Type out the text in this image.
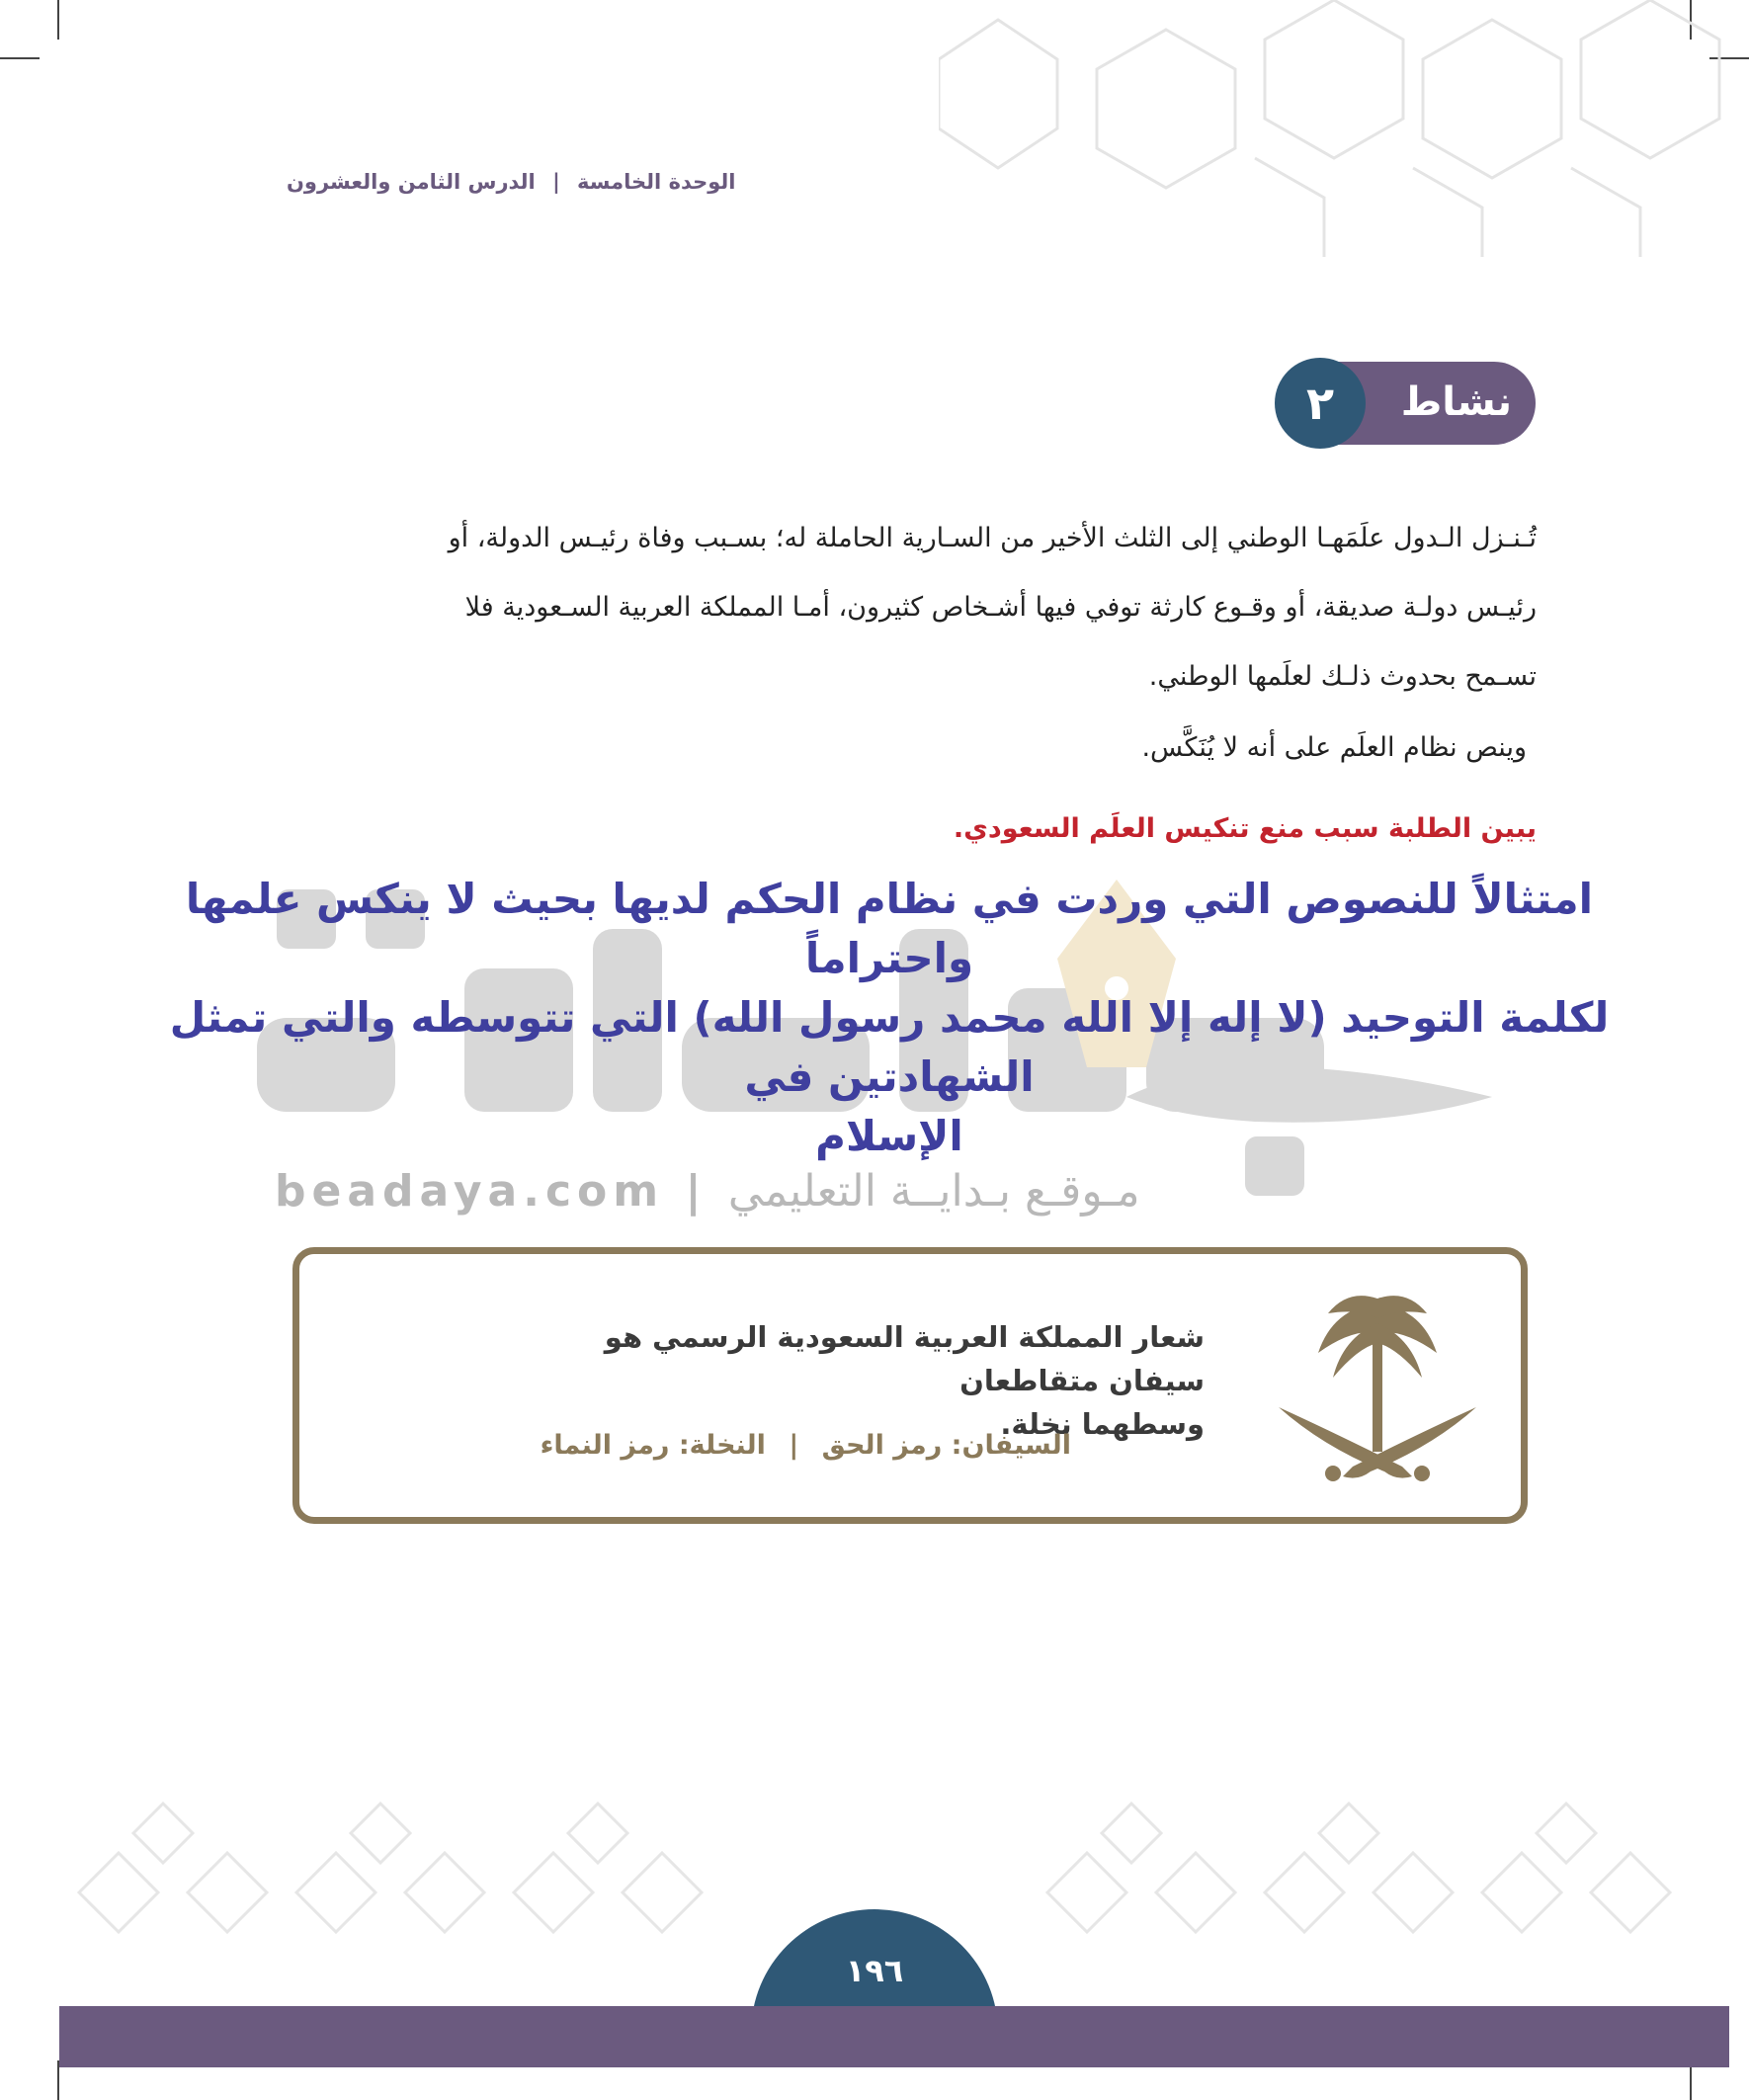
الوحدة الخامسة | الدرس الثامن والعشرون
نشاط
٢
تُـنـزل الـدول علَمَهـا الوطني إلى الثلث الأخير من السـارية الحاملة له؛ بسـبب وفاة رئيـس الدولة، أو
رئيـس دولـة صديقة، أو وقـوع كارثة توفي فيها أشـخاص كثيرون، أمـا المملكة العربية السـعودية فلا
تسـمح بحدوث ذلـك لعلَمها الوطني.
وينص نظام العلَم على أنه لا يُنَكَّس.
يبين الطلبة سبب منع تنكيس العلَم السعودي.
beadaya.com | مـوقـع بـدايــة التعليمي
امتثالاً للنصوص التي وردت في نظام الحكم لديها بحيث لا ينكس علمها واحتراماً
لكلمة التوحيد (لا إله إلا الله محمد رسول الله) التي تتوسطه والتي تمثل الشهادتين في
الإسلام
شعار المملكة العربية السعودية الرسمي هو سيفان متقاطعان
وسطهما نخلة.
السيفان: رمز الحق | النخلة: رمز النماء
١٩٦
